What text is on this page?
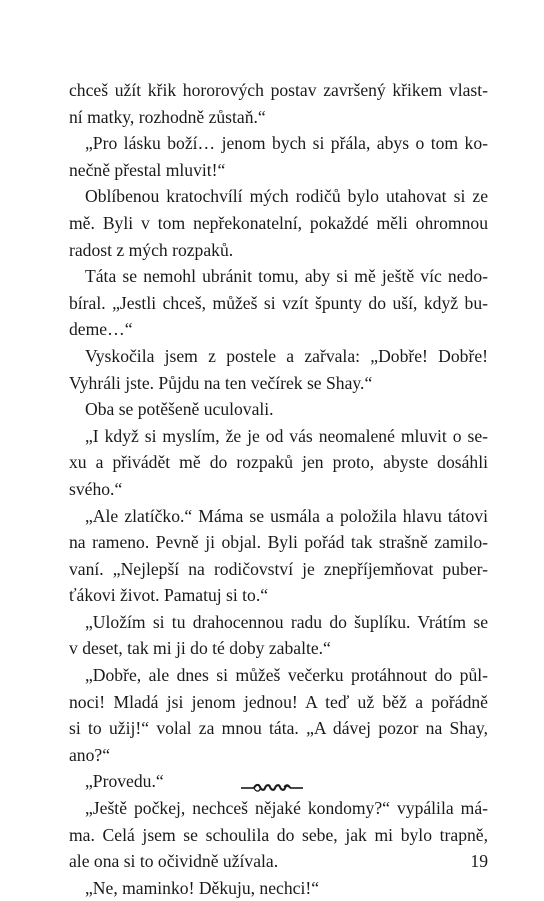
chceš užít křik hororových postav završený křikem vlast-
ní matky, rozhodně zůstaň.“
„Pro lásku boží… jenom bych si přála, abys o tom ko-
nečně přestal mluvit!“
Oblíbenou kratochvílí mých rodičů bylo utahovat si ze
mě. Byli v tom nepřekonatelní, pokaždé měli ohromnou
radost z mých rozpaků.
Táta se nemohl ubránit tomu, aby si mě ještě víc nedo-
bíral. „Jestli chceš, můžeš si vzít špunty do uší, když bu-
deme…“
Vyskočila jsem z postele a zařvala: „Dobře! Dobře!
Vyhráli jste. Půjdu na ten večírek se Shay.“
Oba se potěšeně uculovali.
„I když si myslím, že je od vás neomalené mluvit o se-
xu a přivádět mě do rozpaků jen proto, abyste dosáhli
svého.“
„Ale zlatíčko.“ Máma se usmála a položila hlavu tátovi
na rameno. Pevně ji objal. Byli pořád tak strašně zamilo-
vaní. „Nejlepší na rodičovství je znepříjemňovat puber-
ťákovi život. Pamatuj si to.“
„Uložím si tu drahocennou radu do šuplíku. Vrátím se
v deset, tak mi ji do té doby zabalte.“
„Dobře, ale dnes si můžeš večerku protáhnout do půl-
noci! Mladá jsi jenom jednou! A teď už běž a pořádně
si to užij!“ volal za mnou táta. „A dávej pozor na Shay,
ano?“
„Provedu.“
„Ještě počkej, nechceš nějaké kondomy?“ vypálila má-
ma. Celá jsem se schoulila do sebe, jak mi bylo trapně,
ale ona si to očividně užívala.
„Ne, maminko! Děkuju, nechci!“
19
